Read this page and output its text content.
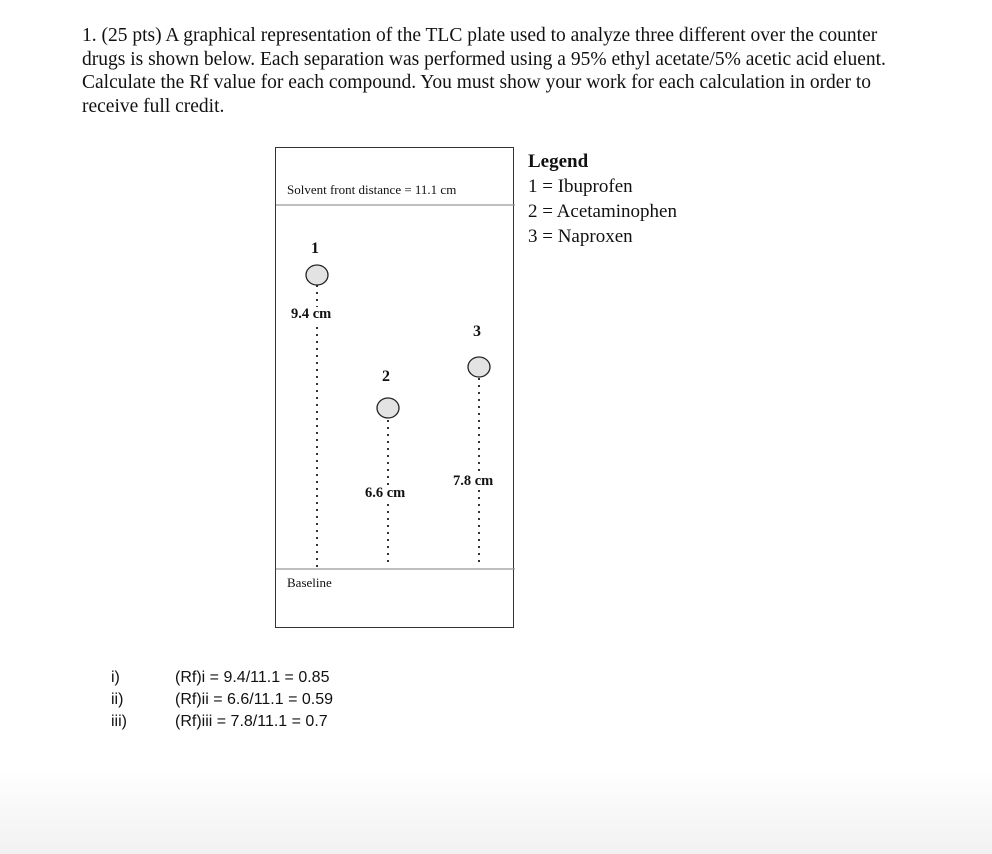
1. (25 pts) A graphical representation of the TLC plate used to analyze three different over the counter drugs is shown below. Each separation was performed using a 95% ethyl acetate/5% acetic acid eluent. Calculate the Rf value for each compound. You must show your work for each calculation in order to receive full credit.

Solvent front distance = 11.1 cm
Baseline
1
2
3
9.4 cm
6.6 cm
7.8 cm
Legend
1 = Ibuprofen
2 = Acetaminophen
3 = Naproxen
i)	(Rf)i = 9.4/11.1 = 0.85
ii)	(Rf)ii = 6.6/11.1 = 0.59
iii)	(Rf)iii = 7.8/11.1 = 0.7
